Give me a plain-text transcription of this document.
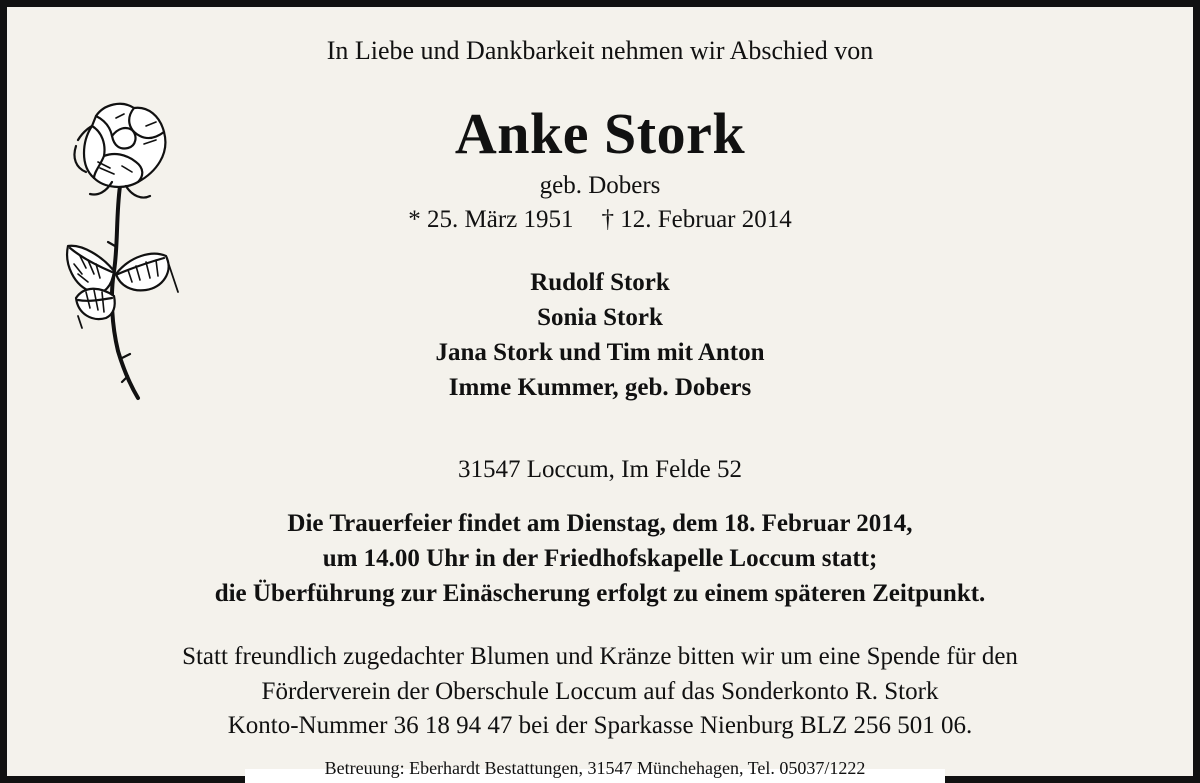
In Liebe und Dankbarkeit nehmen wir Abschied von

Anke Stork

geb. Dobers

* 25. März 1951 † 12. Februar 2014

Rudolf Stork

Sonia Stork

Jana Stork und Tim mit Anton

Imme Kummer, geb. Dobers

31547 Loccum, Im Felde 52

Die Trauerfeier findet am Dienstag, dem 18. Februar 2014,

um 14.00 Uhr in der Friedhofskapelle Loccum statt;

die Überführung zur Einäscherung erfolgt zu einem späteren Zeitpunkt.

Statt freundlich zugedachter Blumen und Kränze bitten wir um eine Spende für den

Förderverein der Oberschule Loccum auf das Sonderkonto R. Stork

Konto-Nummer 36 18 94 47 bei der Sparkasse Nienburg BLZ 256 501 06.

Betreuung: Eberhardt Bestattungen, 31547 Münchehagen, Tel. 05037/1222
